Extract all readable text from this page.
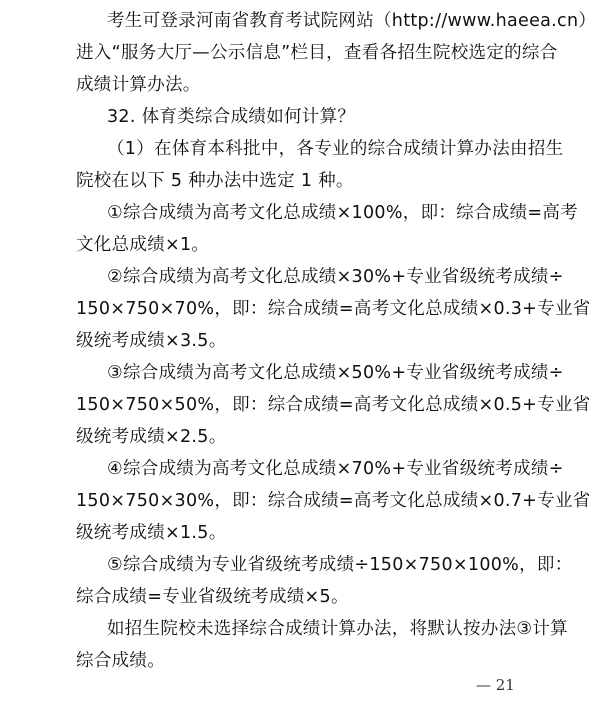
考生可登录河南省教育考试院网站（http://www.haeea.cn）
进入“服务大厅—公示信息”栏目，查看各招生院校选定的综合
成绩计算办法。
32. 体育类综合成绩如何计算？
（1）在体育本科批中，各专业的综合成绩计算办法由招生
院校在以下 5 种办法中选定 1 种。
①综合成绩为高考文化总成绩×100%，即：综合成绩=高考
文化总成绩×1。
②综合成绩为高考文化总成绩×30%+专业省级统考成绩÷
150×750×70%，即：综合成绩=高考文化总成绩×0.3+专业省
级统考成绩×3.5。
③综合成绩为高考文化总成绩×50%+专业省级统考成绩÷
150×750×50%，即：综合成绩=高考文化总成绩×0.5+专业省
级统考成绩×2.5。
④综合成绩为高考文化总成绩×70%+专业省级统考成绩÷
150×750×30%，即：综合成绩=高考文化总成绩×0.7+专业省
级统考成绩×1.5。
⑤综合成绩为专业省级统考成绩÷150×750×100%，即：
综合成绩=专业省级统考成绩×5。
如招生院校未选择综合成绩计算办法，将默认按办法③计算
综合成绩。
— 21
